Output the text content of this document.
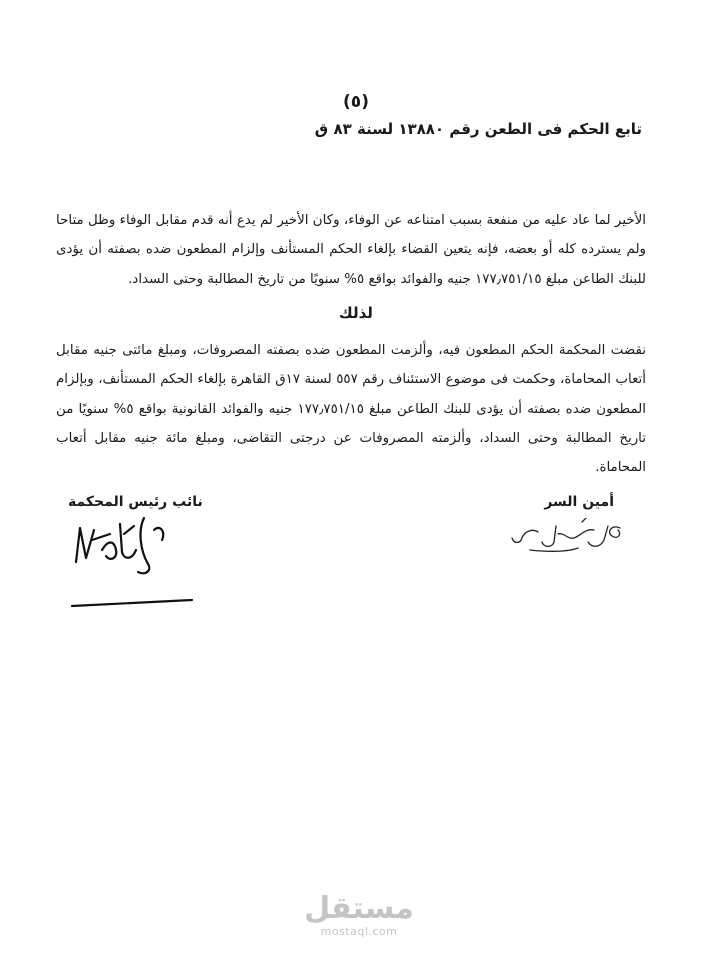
(٥)
تابع الحكم فى الطعن رقم ١٣٨٨٠ لسنة ٨٣ ق

الأخير لما عاد عليه من منفعة بسبب امتناعه عن الوفاء، وكان الأخير لم يدع أنه قدم مقابل الوفاء وظل متاحا ولم يسترده كله أو بعضه، فإنه يتعين القضاء بإلغاء الحكم المستأنف وإلزام المطعون ضده بصفته أن يؤدى للبنك الطاعن مبلغ ١٧٧٫٧٥١/١٥ جنيه والفوائد بواقع ٥% سنويًا من تاريخ المطالبة وحتى السداد.

لذلك

نقضت المحكمة الحكم المطعون فيه، وألزمت المطعون ضده بصفته المصروفات، ومبلغ مائتى جنيه مقابل أتعاب المحاماة، وحكمت فى موضوع الاستئناف رقم ٥٥٧ لسنة ١٧ق القاهرة بإلغاء الحكم المستأنف، وبإلزام المطعون ضده بصفته أن يؤدى للبنك الطاعن مبلغ ١٧٧٫٧٥١/١٥ جنيه والفوائد القانونية بواقع ٥% سنويًا من تاريخ المطالبة وحتى السداد، وألزمته المصروفات عن درجتى التقاضى، ومبلغ مائة جنيه مقابل أتعاب المحاماة.

نائب رئيس المحكمة	أمين السر
مستقل
mostaql.com
